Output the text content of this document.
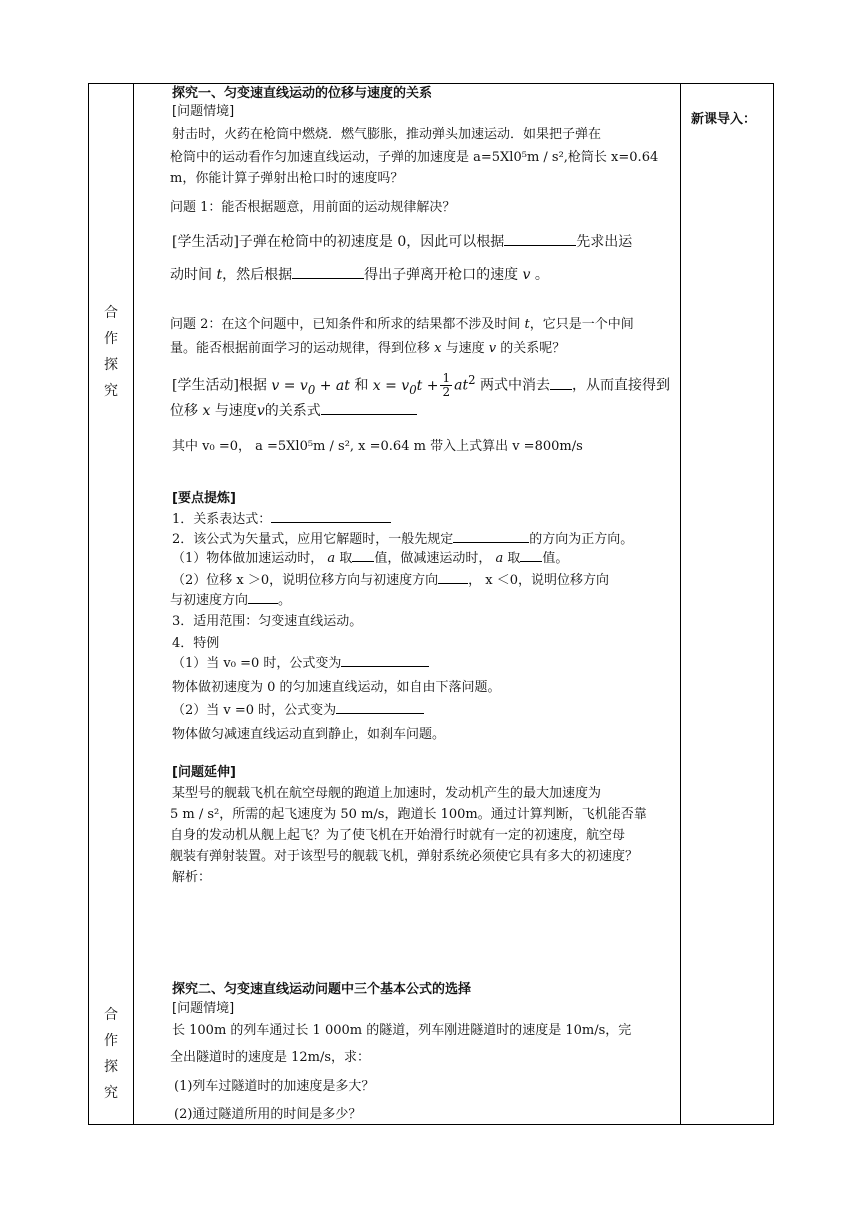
合
作
探
究
合
作
探
究
新课导入：
探究一、匀变速直线运动的位移与速度的关系
[问题情境]
射击时，火药在枪筒中燃烧．燃气膨胀，推动弹头加速运动．如果把子弹在
枪筒中的运动看作匀加速直线运动，子弹的加速度是 a=5Xl0⁵m / s²,枪筒长 x=0.64
m，你能计算子弹射出枪口时的速度吗？
问题 1：能否根据题意，用前面的运动规律解决？
[学生活动]子弹在枪筒中的初速度是 0，因此可以根据	先求出运
动时间 t，然后根据	得出子弹离开枪口的速度 v 。
问题 2：在这个问题中，已知条件和所求的结果都不涉及时间 t，它只是一个中间
量。能否根据前面学习的运动规律，得到位移 x 与速度 v 的关系呢？
[学生活动]根据 $v = v_0$ + at 和 $x = v_0t + \frac{1}{2} at^2$ 两式中消去 ，从而直接得到
位移 x 与速度v的关系式
其中 v₀ =0， a =5Xl0⁵m / s², x =0.64 m 带入上式算出 v =800m/s
[要点提炼]
1．关系表达式：
2．该公式为矢量式，应用它解题时，一般先规定	的方向为正方向。
（1）物体做加速运动时， a 取 值，做减速运动时， a 取 值。
（2）位移 x ＞0，说明位移方向与初速度方向 ， x ＜0，说明位移方向
与初速度方向 。
3．适用范围：匀变速直线运动。
4．特例
（1）当 v₀ =0 时，公式变为
物体做初速度为 0 的匀加速直线运动，如自由下落问题。
（2）当 v =0 时，公式变为
物体做匀减速直线运动直到静止，如刹车问题。
[问题延伸]
某型号的舰载飞机在航空母舰的跑道上加速时，发动机产生的最大加速度为
5 m / s²，所需的起飞速度为 50 m/s，跑道长 100m。通过计算判断，飞机能否靠
自身的发动机从舰上起飞？为了使飞机在开始滑行时就有一定的初速度，航空母
舰装有弹射装置。对于该型号的舰载飞机，弹射系统必须使它具有多大的初速度？
解析：
探究二、匀变速直线运动问题中三个基本公式的选择
[问题情境]
长 100m 的列车通过长 1 000m 的隧道，列车刚进隧道时的速度是 10m/s，完
全出隧道时的速度是 12m/s，求：
(1)列车过隧道时的加速度是多大？
(2)通过隧道所用的时间是多少？
